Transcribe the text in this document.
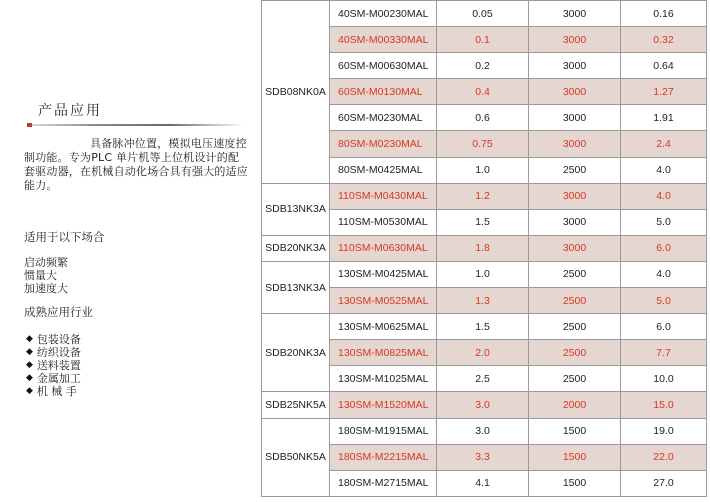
产品应用

具备脉冲位置，模拟电压速度控制功能。专为PLC 单片机等上位机设计的配套驱动器，在机械自动化场合具有强大的适应能力。

适用于以下场合
启动频繁
惯量大
加速度大
成熟应用行业
◆ 包装设备
◆ 纺织设备
◆ 送料装置
◆ 金属加工
◆ 机 械 手
SDB08NK0A	40SM-M00230MAL	0.05	3000	0.16
	40SM-M00330MAL	0.1	3000	0.32
	60SM-M00630MAL	0.2	3000	0.64
	60SM-M0130MAL	0.4	3000	1.27
	60SM-M0230MAL	0.6	3000	1.91
	80SM-M0230MAL	0.75	3000	2.4
	80SM-M0425MAL	1.0	2500	4.0
SDB13NK3A	110SM-M0430MAL	1.2	3000	4.0
	110SM-M0530MAL	1.5	3000	5.0
SDB20NK3A	110SM-M0630MAL	1.8	3000	6.0
SDB13NK3A	130SM-M0425MAL	1.0	2500	4.0
	130SM-M0525MAL	1.3	2500	5.0
SDB20NK3A	130SM-M0625MAL	1.5	2500	6.0
	130SM-M0825MAL	2.0	2500	7.7
	130SM-M1025MAL	2.5	2500	10.0
SDB25NK5A	130SM-M1520MAL	3.0	2000	15.0
SDB50NK5A	180SM-M1915MAL	3.0	1500	19.0
	180SM-M2215MAL	3.3	1500	22.0
	180SM-M2715MAL	4.1	1500	27.0
